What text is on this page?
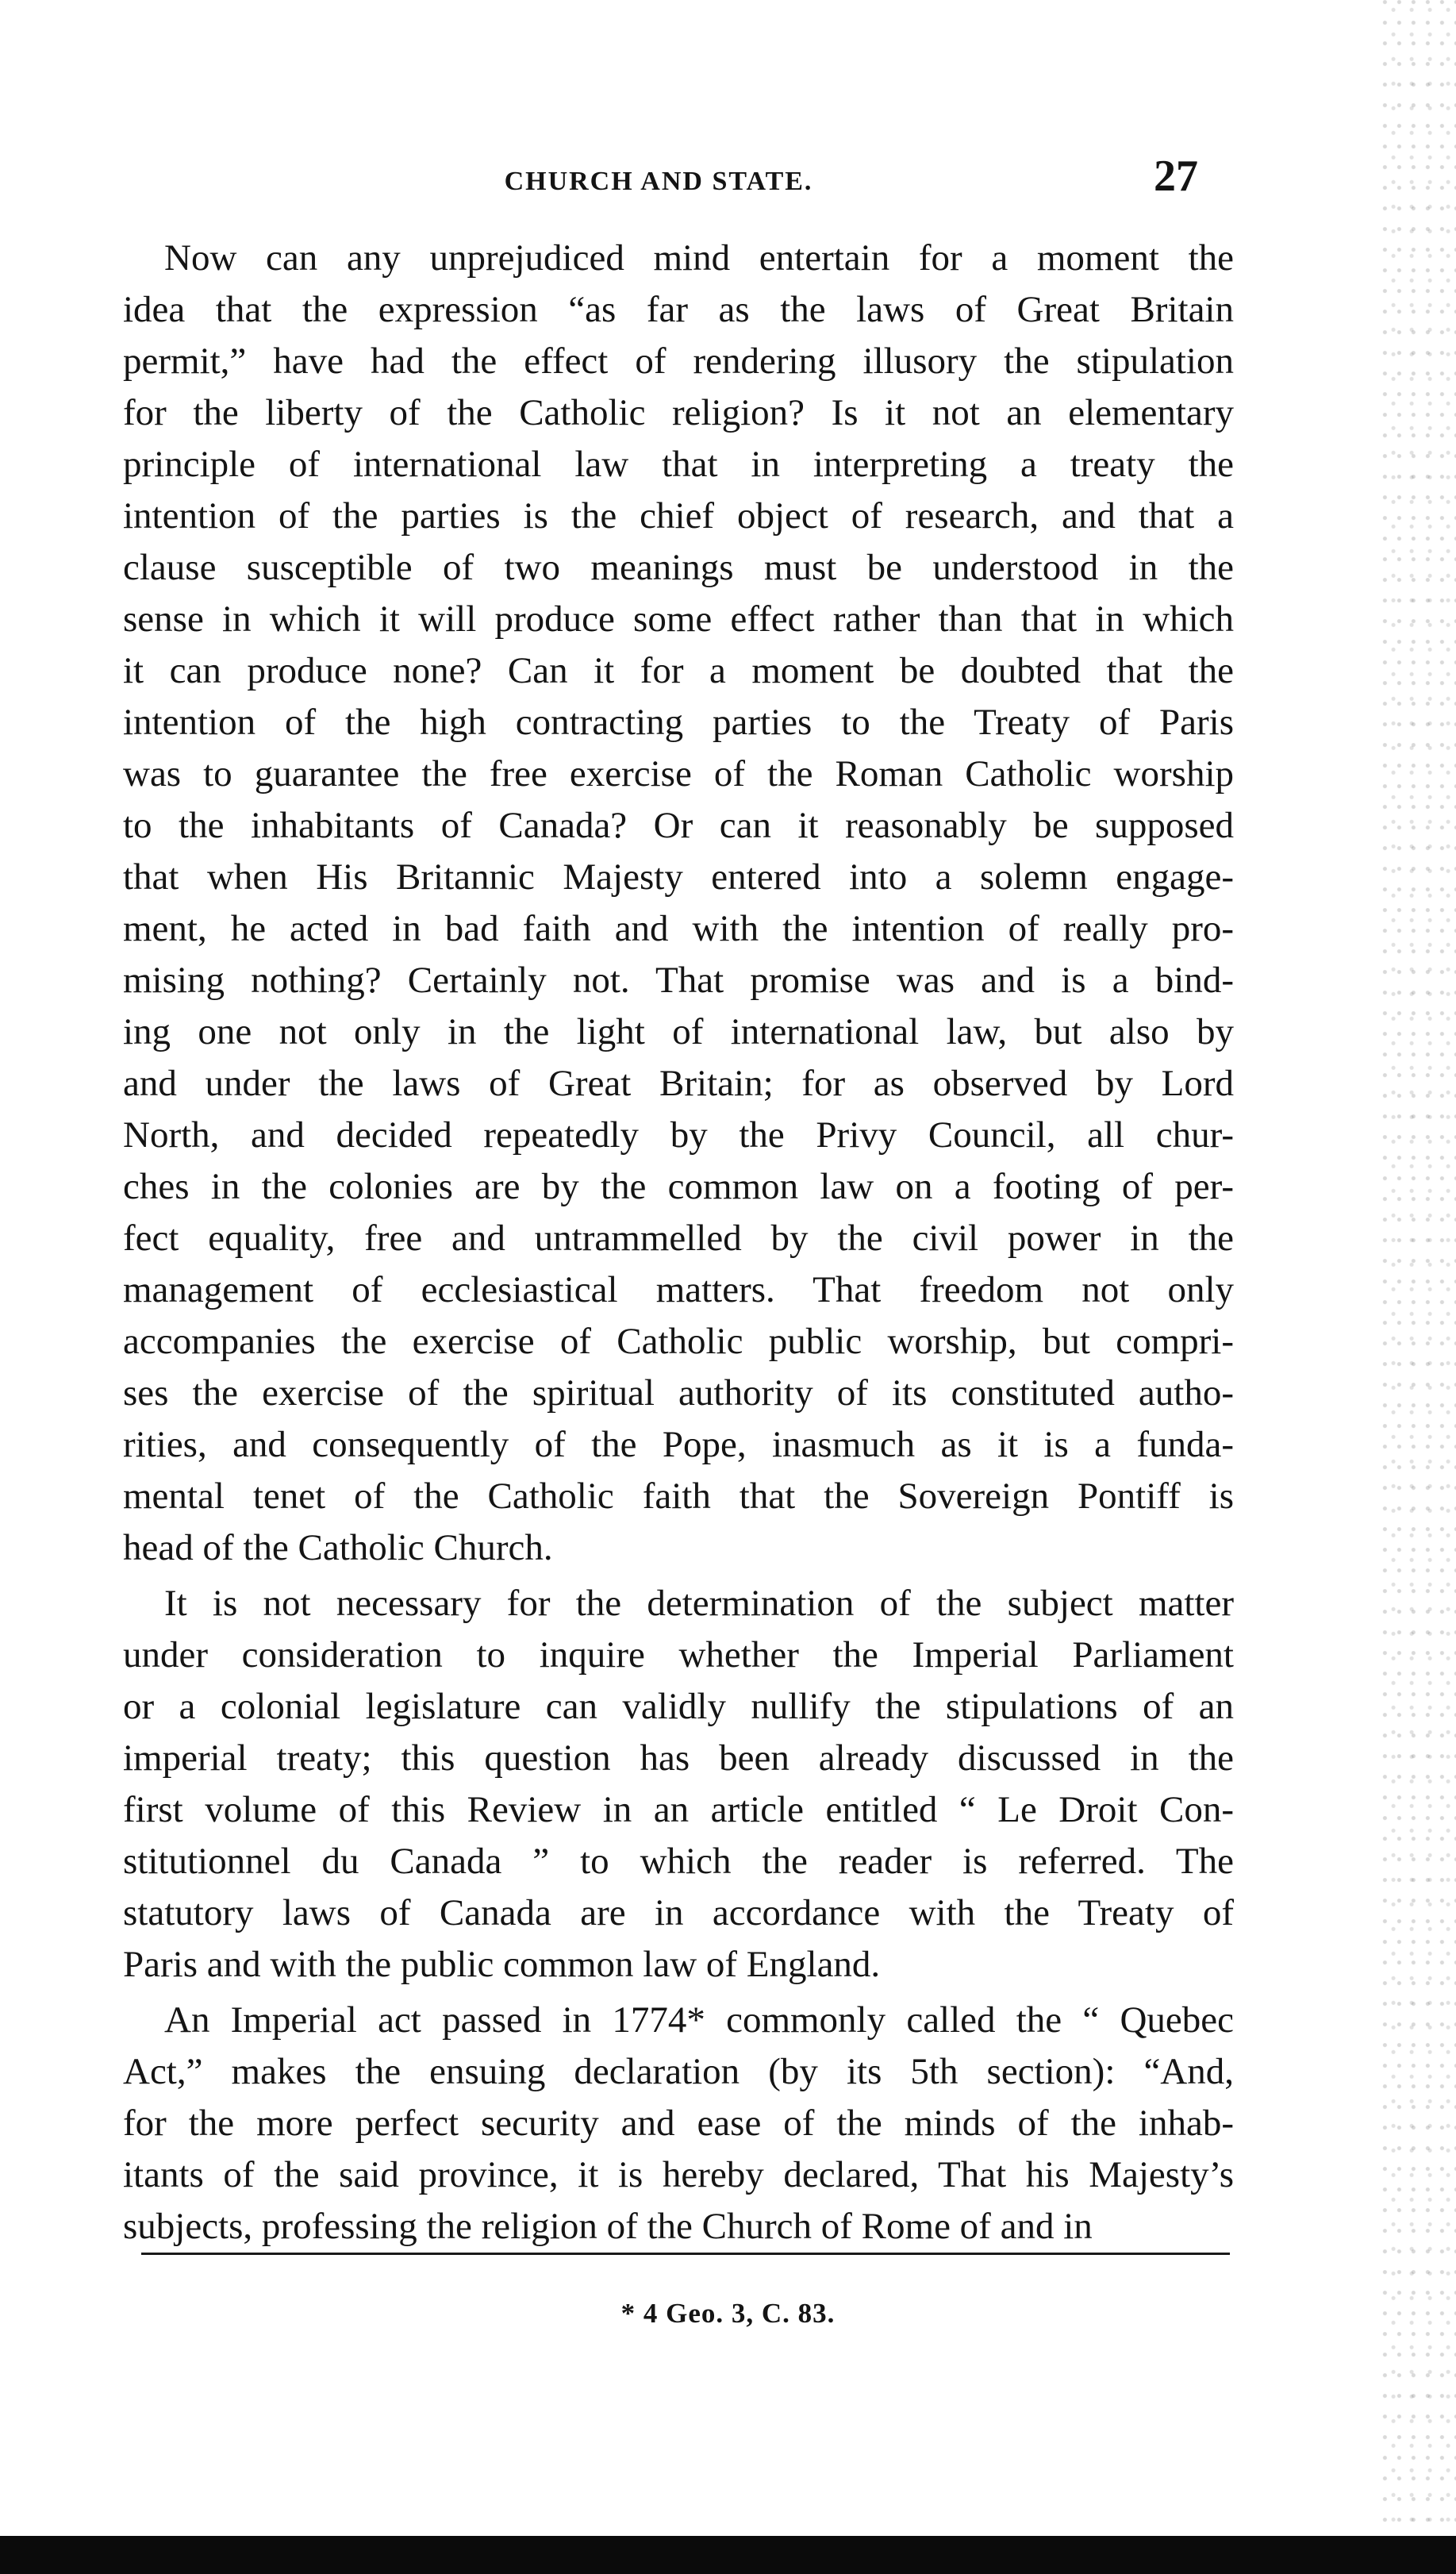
CHURCH AND STATE.	27
Now can any unprejudiced mind entertain for a moment the
idea that the expression “as far as the laws of Great Britain
permit,” have had the effect of rendering illusory the stipulation
for the liberty of the Catholic religion? Is it not an elementary
principle of international law that in interpreting a treaty the
intention of the parties is the chief object of research, and that a
clause susceptible of two meanings must be understood in the
sense in which it will produce some effect rather than that in which
it can produce none? Can it for a moment be doubted that the
intention of the high contracting parties to the Treaty of Paris
was to guarantee the free exercise of the Roman Catholic worship
to the inhabitants of Canada? Or can it reasonably be supposed
that when His Britannic Majesty entered into a solemn engage-
ment, he acted in bad faith and with the intention of really pro-
mising nothing? Certainly not. That promise was and is a bind-
ing one not only in the light of international law, but also by
and under the laws of Great Britain; for as observed by Lord
North, and decided repeatedly by the Privy Council, all chur-
ches in the colonies are by the common law on a footing of per-
fect equality, free and untrammelled by the civil power in the
management of ecclesiastical matters. That freedom not only
accompanies the exercise of Catholic public worship, but compri-
ses the exercise of the spiritual authority of its constituted autho-
rities, and consequently of the Pope, inasmuch as it is a funda-
mental tenet of the Catholic faith that the Sovereign Pontiff is
head of the Catholic Church.
It is not necessary for the determination of the subject matter
under consideration to inquire whether the Imperial Parliament
or a colonial legislature can validly nullify the stipulations of an
imperial treaty; this question has been already discussed in the
first volume of this Review in an article entitled “ Le Droit Con-
stitutionnel du Canada ” to which the reader is referred. The
statutory laws of Canada are in accordance with the Treaty of
Paris and with the public common law of England.
An Imperial act passed in 1774* commonly called the “ Quebec
Act,” makes the ensuing declaration (by its 5th section): “And,
for the more perfect security and ease of the minds of the inhab-
itants of the said province, it is hereby declared, That his Majesty’s
subjects, professing the religion of the Church of Rome of and in
* 4 Geo. 3, C. 83.
